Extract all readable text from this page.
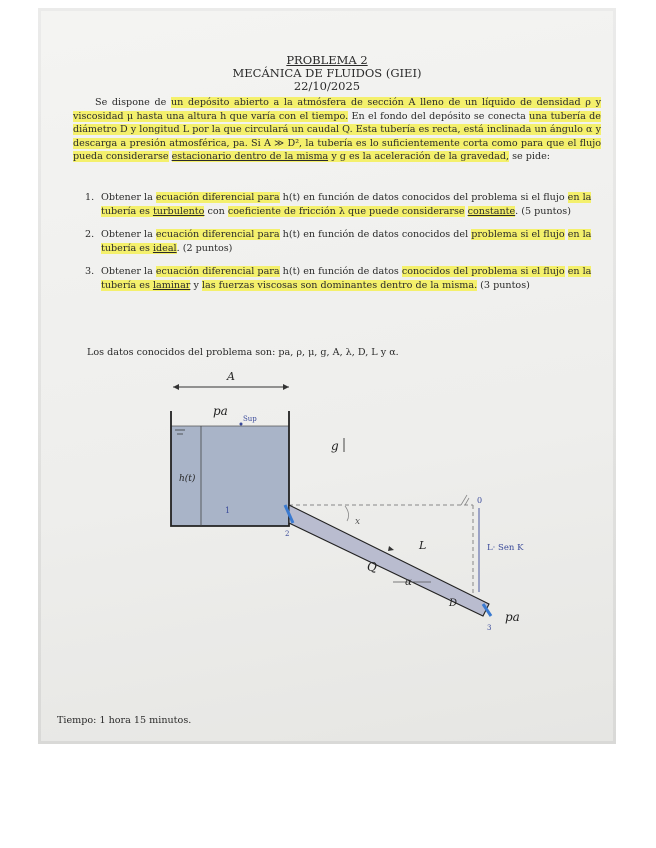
PROBLEMA 2
MECÁNICA DE FLUIDOS (GIEI)
22/10/2025

Se dispone de un depósito abierto a la atmósfera de sección A lleno de un líquido de densidad ρ y viscosidad μ hasta una altura h que varía con el tiempo. En el fondo del depósito se conecta una tubería de diámetro D y longitud L por la que circulará un caudal Q. Esta tubería es recta, está inclinada un ángulo α y descarga a presión atmosférica, pa. Si A ≫ D², la tubería es lo suficientemente corta como para que el flujo pueda considerarse estacionario dentro de la misma y g es la aceleración de la gravedad, se pide:

1. Obtener la ecuación diferencial para h(t) en función de datos conocidos del problema si el flujo en la tubería es turbulento con coeficiente de fricción λ que puede considerarse constante. (5 puntos)
2. Obtener la ecuación diferencial para h(t) en función de datos conocidos del problema si el flujo en la tubería es ideal. (2 puntos)
3. Obtener la ecuación diferencial para h(t) en función de datos conocidos del problema si el flujo en la tubería es laminar y las fuerzas viscosas son dominantes dentro de la misma. (3 puntos)
Los datos conocidos del problema son: pa, ρ, μ, g, A, λ, D, L y α.
A
pa
Sup
h(t)
1
g
0
L· Sen K
x
2
3
L
Q
α
D
pa
Tiempo: 1 hora 15 minutos.
